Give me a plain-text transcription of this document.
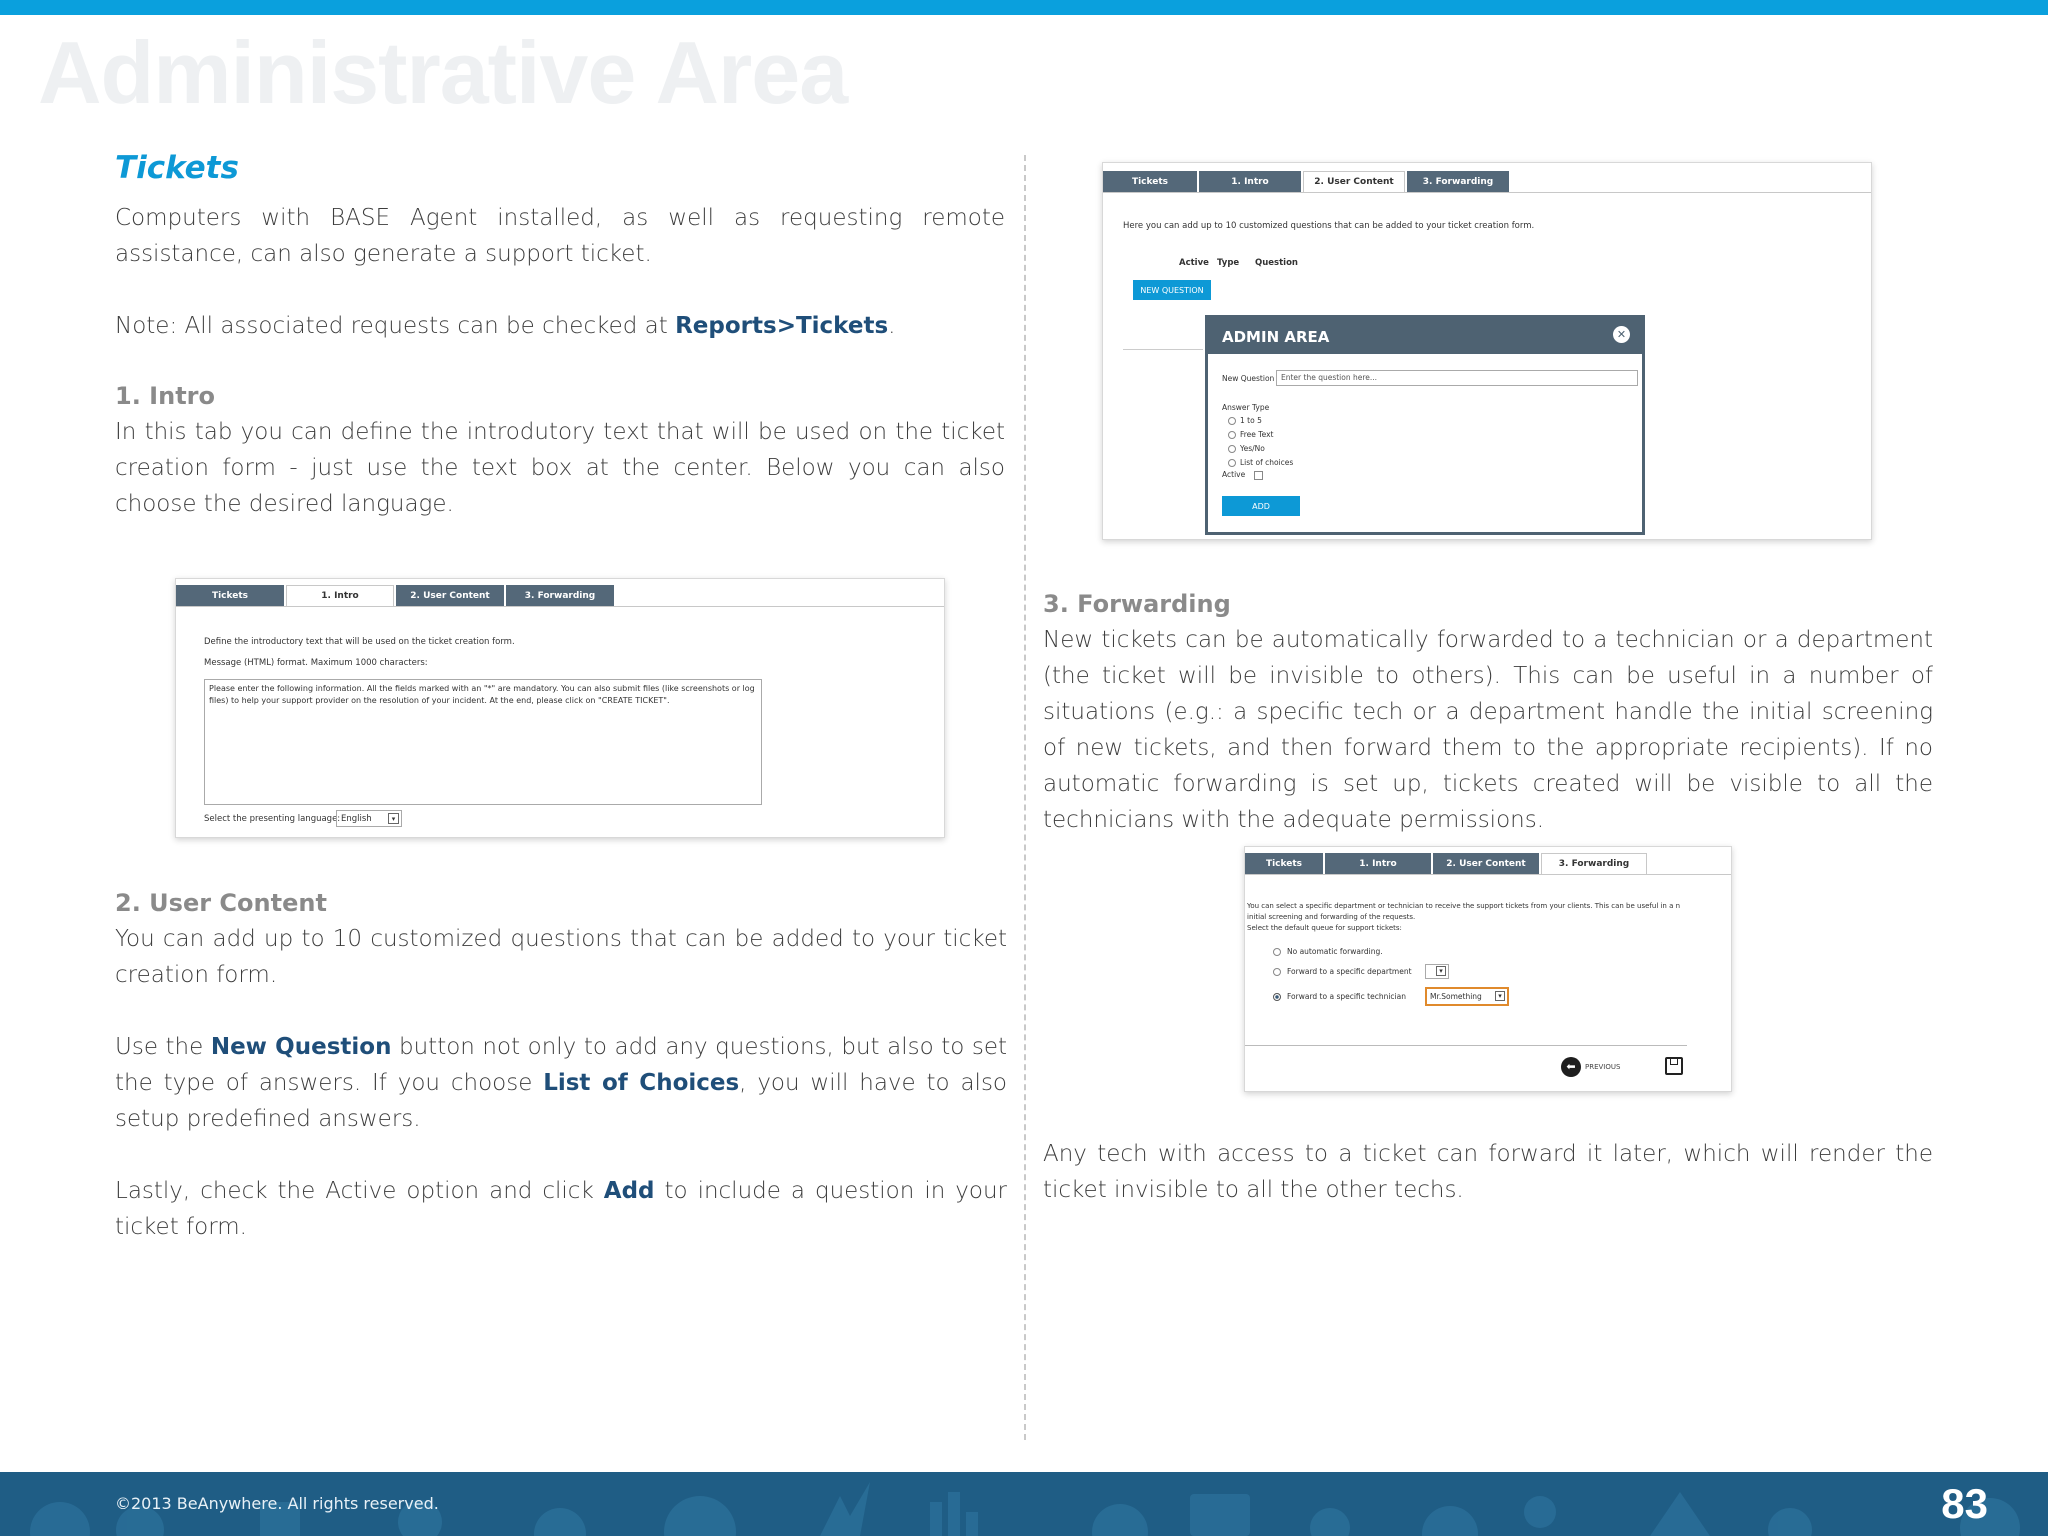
Administrative Area
Tickets

Computers with BASE Agent installed, as well as requesting remote assistance, can also generate a support ticket.

Note: All associated requests can be checked at Reports>Tickets.

1. Intro

In this tab you can define the introdutory text that will be used on the ticket creation form - just use the text box at the center. Below you can also choose the desired language.

Tickets	1. Intro	2. User Content	3. Forwarding
Define the introductory text that will be used on the ticket creation form.
Message (HTML) format. Maximum 1000 characters:
Please enter the following information. All the fields marked with an "*" are mandatory. You can also submit files (like screenshots or log files) to help your support provider on the resolution of your incident. At the end, please click on "CREATE TICKET".
Select the presenting language: English	▾
2. User Content

You can add up to 10 customized questions that can be added to your ticket creation form.

Use the New Question button not only to add any questions, but also to set the type of answers. If you choose List of Choices, you will have to also setup predefined answers.

Lastly, check the Active option and click Add to include a question in your ticket form.

Tickets	1. Intro	2. User Content	3. Forwarding
Here you can add up to 10 customized questions that can be added to your ticket creation form.
Active Type Question
NEW QUESTION
ADMIN AREA	✕
New Question Enter the question here...
Answer Type
1 to 5
Free Text
Yes/No
List of choices
Active
ADD
3. Forwarding

New tickets can be automatically forwarded to a technician or a department (the ticket will be invisible to others). This can be useful in a number of situations (e.g.: a specific tech or a department handle the initial screening of new tickets, and then forward them to the appropriate recipients). If no automatic forwarding is set up, tickets created will be visible to all the technicians with the adequate permissions.

Tickets	1. Intro	2. User Content	3. Forwarding
You can select a specific department or technician to receive the support tickets from your clients. This can be useful in a n
initial screening and forwarding of the requests.
Select the default queue for support tickets:
No automatic forwarding.
Forward to a specific department	▾
Forward to a specific technician	Mr.Something	▾
⬅	PREVIOUS

Any tech with access to a ticket can forward it later, which will render the ticket invisible to all the other techs.

©2013 BeAnywhere. All rights reserved.	83
